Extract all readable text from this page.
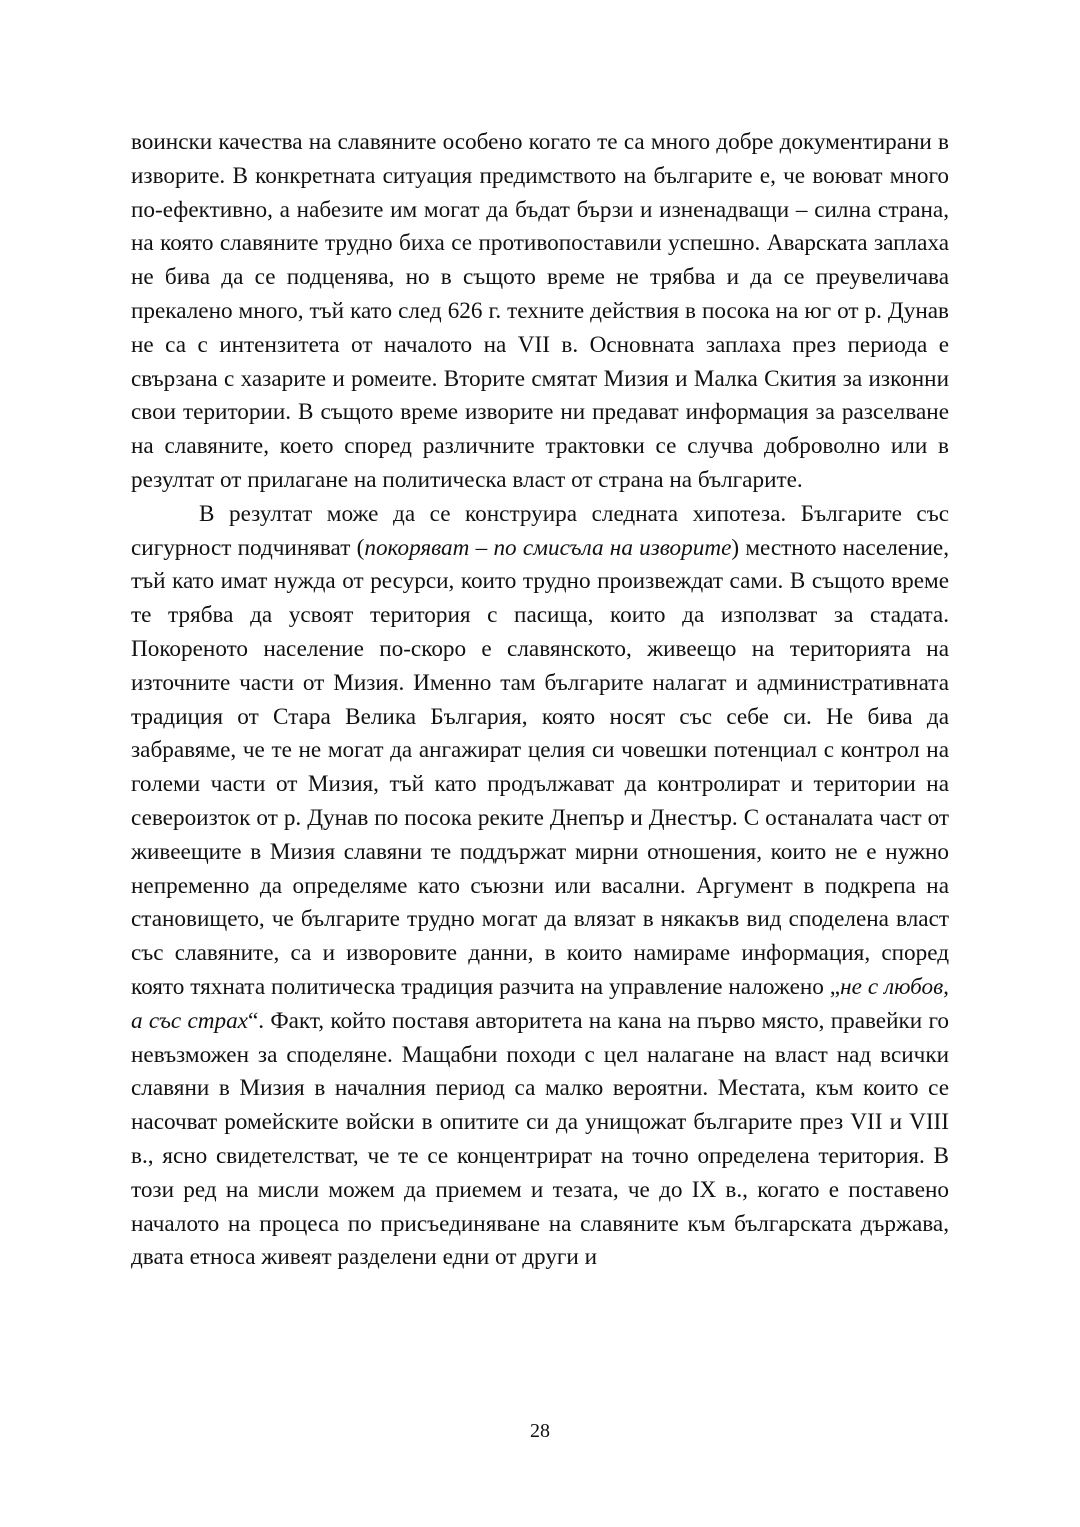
воински качества на славяните особено когато те са много добре документирани в изворите. В конкретната ситуация предимството на българите е, че воюват много по-ефективно, а набезите им могат да бъдат бързи и изненадващи – силна страна, на която славяните трудно биха се противопоставили успешно. Аварската заплаха не бива да се подценява, но в същото време не трябва и да се преувеличава прекалено много, тъй като след 626 г. техните действия в посока на юг от р. Дунав не са с интензитета от началото на VII в. Основната заплаха през периода е свързана с хазарите и ромеите. Вторите смятат Мизия и Малка Скития за изконни свои територии. В същото време изворите ни предават информация за разселване на славяните, което според различните трактовки се случва доброволно или в резултат от прилагане на политическа власт от страна на българите.

В резултат може да се конструира следната хипотеза. Българите със сигурност подчиняват (покоряват – по смисъла на изворите) местното население, тъй като имат нужда от ресурси, които трудно произвеждат сами. В същото време те трябва да усвоят територия с пасища, които да използват за стадата. Покореното население по-скоро е славянското, живеещо на територията на източните части от Мизия. Именно там българите налагат и административната традиция от Стара Велика България, която носят със себе си. Не бива да забравяме, че те не могат да ангажират целия си човешки потенциал с контрол на големи части от Мизия, тъй като продължават да контролират и територии на североизток от р. Дунав по посока реките Днепър и Днестър. С останалата част от живеещите в Мизия славяни те поддържат мирни отношения, които не е нужно непременно да определяме като съюзни или васални. Аргумент в подкрепа на становището, че българите трудно могат да влязат в някакъв вид споделена власт със славяните, са и изворовите данни, в които намираме информация, според която тяхната политическа традиция разчита на управление наложено „не с любов, а със страх“. Факт, който поставя авторитета на кана на първо място, правейки го невъзможен за споделяне. Мащабни походи с цел налагане на власт над всички славяни в Мизия в началния период са малко вероятни. Местата, към които се насочват ромейските войски в опитите си да унищожат българите през VII и VIII в., ясно свидетелстват, че те се концентрират на точно определена територия. В този ред на мисли можем да приемем и тезата, че до IX в., когато е поставено началото на процеса по присъединяване на славяните към българската държава, двата етноса живеят разделени едни от други и

28
